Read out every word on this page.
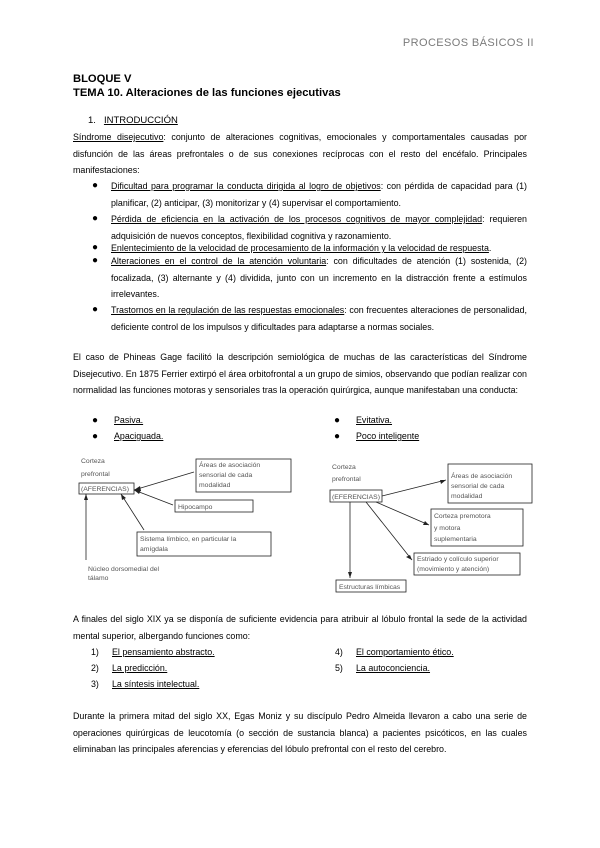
PROCESOS BÁSICOS II
BLOQUE V
TEMA 10. Alteraciones de las funciones ejecutivas
1. INTRODUCCIÓN
Síndrome disejecutivo: conjunto de alteraciones cognitivas, emocionales y comportamentales causadas por disfunción de las áreas prefrontales o de sus conexiones recíprocas con el resto del encéfalo. Principales manifestaciones:
● Dificultad para programar la conducta dirigida al logro de objetivos: con pérdida de capacidad para (1) planificar, (2) anticipar, (3) monitorizar y (4) supervisar el comportamiento.
● Pérdida de eficiencia en la activación de los procesos cognitivos de mayor complejidad: requieren adquisición de nuevos conceptos, flexibilidad cognitiva y razonamiento.
● Enlentecimiento de la velocidad de procesamiento de la información y la velocidad de respuesta.
● Alteraciones en el control de la atención voluntaria: con dificultades de atención (1) sostenida, (2) focalizada, (3) alternante y (4) dividida, junto con un incremento en la distracción frente a estímulos irrelevantes.
● Trastornos en la regulación de las respuestas emocionales: con frecuentes alteraciones de personalidad, deficiente control de los impulsos y dificultades para adaptarse a normas sociales.
El caso de Phineas Gage facilitó la descripción semiológica de muchas de las características del Síndrome Disejecutivo. En 1875 Ferrier extirpó el área orbitofrontal a un grupo de simios, observando que podían realizar con normalidad las funciones motoras y sensoriales tras la operación quirúrgica, aunque manifestaban una conducta:
● Pasiva.
● Apaciguada.
● Evitativa.
● Poco inteligente
Corteza
prefrontal
(AFERENCIAS)
Áreas de asociación
sensorial de cada
modalidad
Hipocampo
Sistema límbico, en particular la
amígdala
Núcleo dorsomedial del
tálamo
Corteza
prefrontal
(EFERENCIAS)
Áreas de asociación
sensorial de cada
modalidad
Corteza premotora
y motora
suplementaria
Estriado y colículo superior
(movimiento y atención)
Estructuras límbicas
A finales del siglo XIX ya se disponía de suficiente evidencia para atribuir al lóbulo frontal la sede de la actividad mental superior, albergando funciones como:
1) El pensamiento abstracto.
2) La predicción.
3) La síntesis intelectual.
4) El comportamiento ético.
5) La autoconciencia.
Durante la primera mitad del siglo XX, Egas Moniz y su discípulo Pedro Almeida llevaron a cabo una serie de operaciones quirúrgicas de leucotomía (o sección de sustancia blanca) a pacientes psicóticos, en las cuales eliminaban las principales aferencias y eferencias del lóbulo prefrontal con el resto del cerebro.
